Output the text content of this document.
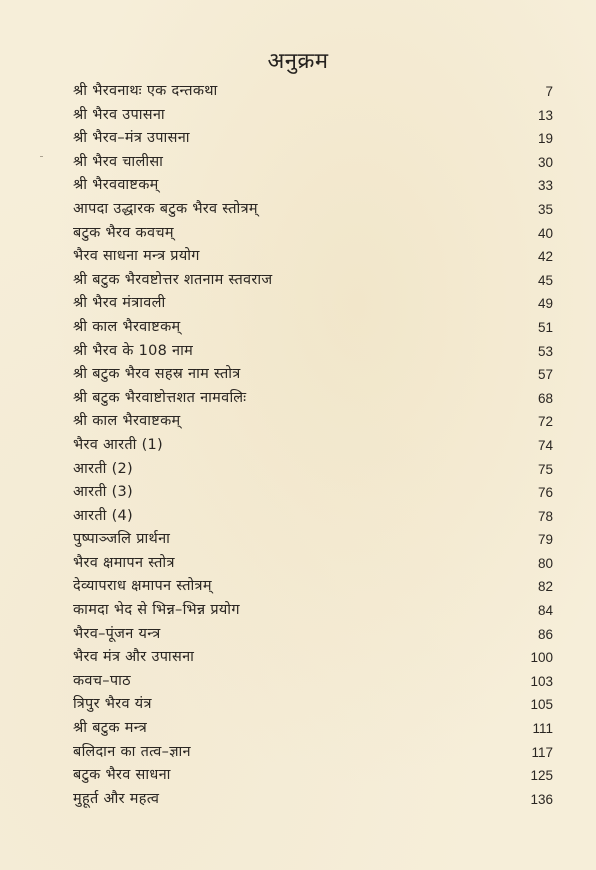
अनुक्रम
श्री भैरवनाथः एक दन्तकथा	7
श्री भैरव उपासना	13
श्री भैरव–मंत्र उपासना	19
श्री भैरव चालीसा	30
श्री भैरववाष्टकम्	33
आपदा उद्धारक बटुक भैरव स्तोत्रम्	35
बटुक भैरव कवचम्	40
भैरव साधना मन्त्र प्रयोग	42
श्री बटुक भैरवष्टोत्तर शतनाम स्तवराज	45
श्री भैरव मंत्रावली	49
श्री काल भैरवाष्टकम्	51
श्री भैरव के 108 नाम	53
श्री बटुक भैरव सहस्र नाम स्तोत्र	57
श्री बटुक भैरवाष्टोत्तशत नामवलिः	68
श्री काल भैरवाष्टकम्	72
भैरव आरती (1)	74
आरती (2)	75
आरती (3)	76
आरती (4)	78
पुष्पाञ्जलि प्रार्थना	79
भैरव क्षमापन स्तोत्र	80
देव्यापराध क्षमापन स्तोत्रम्	82
कामदा भेद से भिन्न–भिन्न प्रयोग	84
भैरव–पूंजन यन्त्र	86
भैरव मंत्र और उपासना	100
कवच–पाठ	103
त्रिपुर भैरव यंत्र	105
श्री बटुक मन्त्र	111
बलिदान का तत्व–ज्ञान	117
बटुक भैरव साधना	125
मुहूर्त और महत्व	136
